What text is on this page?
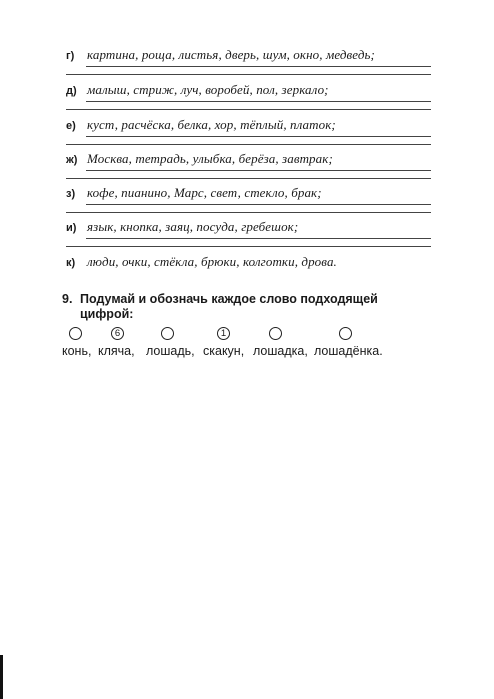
г) картина, роща, листья, дверь, шум, окно, медведь;
д) малыш, стриж, луч, воробей, пол, зеркало;
е) куст, расчёска, белка, хор, тёплый, платок;
ж) Москва, тетрадь, улыбка, берёза, завтрак;
з) кофе, пианино, Марс, свет, стекло, брак;
и) язык, кнопка, заяц, посуда, гребешок;
к) люди, очки, стёкла, брюки, колготки, дрова.
9. Подумай и обозначь каждое слово подходящей
цифрой:
конь,
6
кляча, лошадь,
1
скакун, лошадка, лошадёнка.
